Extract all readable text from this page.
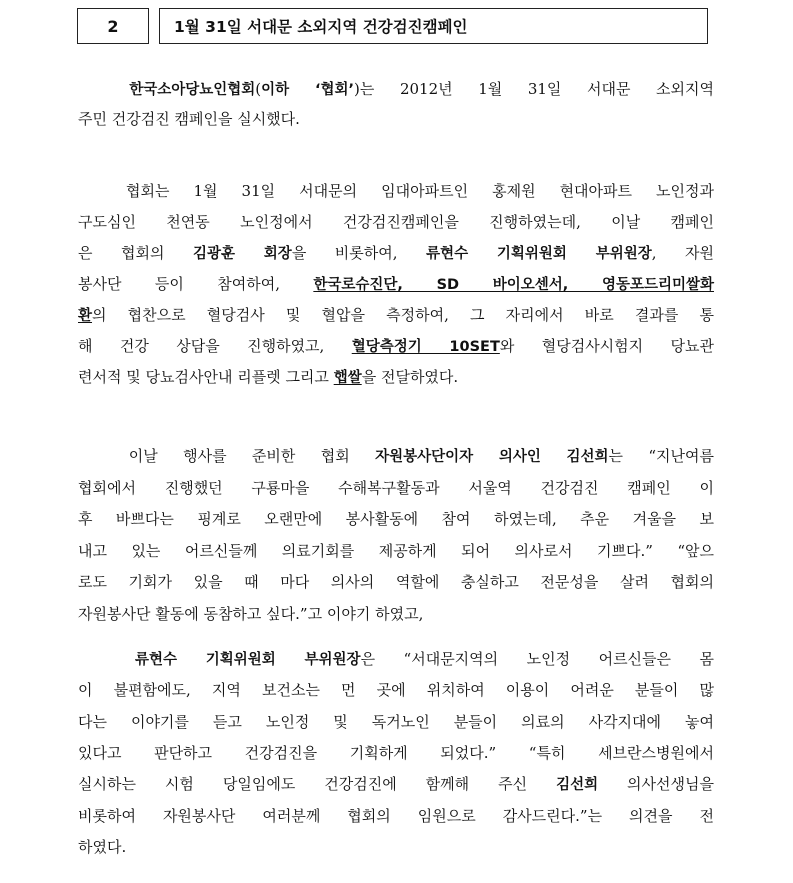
2	1월 31일 서대문 소외지역 건강검진캠페인
한국소아당뇨인협회(이하 ‘협회’)는 2012년 1월 31일 서대문 소외지역
주민 건강검진 캠페인을 실시했다.
협회는 1월 31일 서대문의 임대아파트인 홍제원 현대아파트 노인정과
구도심인 천연동 노인정에서 건강검진캠페인을 진행하였는데, 이날 캠페인
은 협회의 김광훈 회장을 비롯하여, 류현수 기획위원회 부위원장, 자원
봉사단 등이 참여하여, 한국로슈진단, SD 바이오센서, 영동포드리미쌀화
환의 협찬으로 혈당검사 및 혈압을 측정하여, 그 자리에서 바로 결과를 통
해 건강 상담을 진행하였고, 혈당측정기 10SET와 혈당검사시험지 당뇨관
련서적 및 당뇨검사안내 리플렛 그리고 햅쌀을 전달하였다.
이날 행사를 준비한 협회 자원봉사단이자 의사인 김선희는 “지난여름
협회에서 진행했던 구룡마을 수해복구활동과 서울역 건강검진 캠페인 이
후 바쁘다는 핑계로 오랜만에 봉사활동에 참여 하였는데, 추운 겨울을 보
내고 있는 어르신들께 의료기회를 제공하게 되어 의사로서 기쁘다.” “앞으
로도 기회가 있을 때 마다 의사의 역할에 충실하고 전문성을 살려 협회의
자원봉사단 활동에 동참하고 싶다.”고 이야기 하였고,
류현수 기획위원회 부위원장은 “서대문지역의 노인정 어르신들은 몸
이 불편함에도, 지역 보건소는 먼 곳에 위치하여 이용이 어려운 분들이 많
다는 이야기를 듣고 노인정 및 독거노인 분들이 의료의 사각지대에 놓여
있다고 판단하고 건강검진을 기획하게 되었다.” “특히 세브란스병원에서
실시하는 시험 당일임에도 건강검진에 함께해 주신 김선희 의사선생님을
비롯하여 자원봉사단 여러분께 협회의 임원으로 감사드린다.”는 의견을 전
하였다.
